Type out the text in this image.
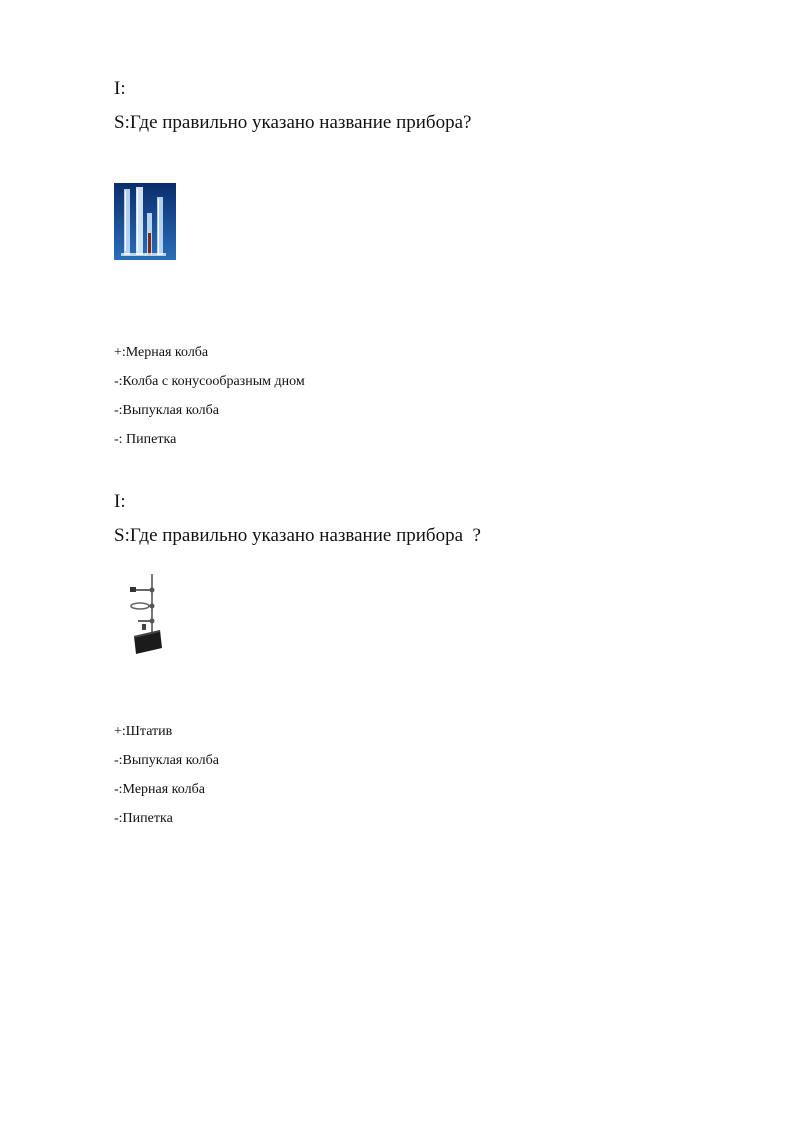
I:
S:Где правильно указано название прибора?
+:Мерная колба
-:Колба с конусообразным дном
-:Выпуклая колба
-: Пипетка
I:
S:Где правильно указано название прибора  ?
+:Штатив
-:Выпуклая колба
-:Мерная колба
-:Пипетка
